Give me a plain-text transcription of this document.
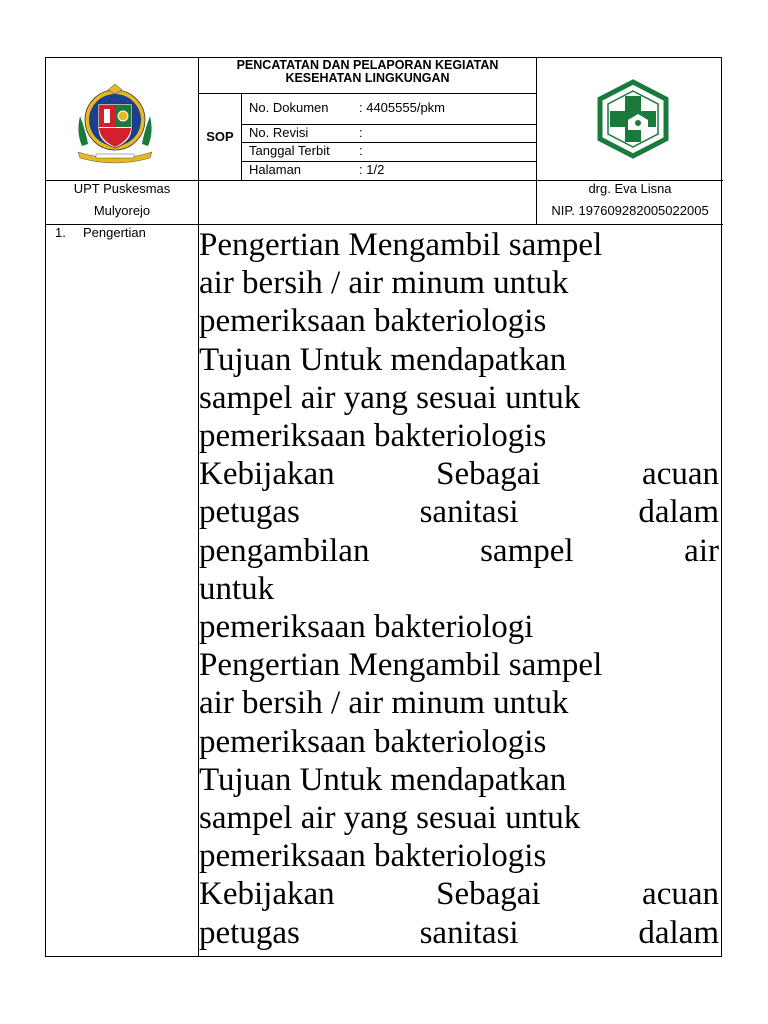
PENCATATAN DAN PELAPORAN KEGIATAN
KESEHATAN LINGKUNGAN
SOP
No. Dokumen : 4405555/pkm
No. Revisi	:
Tanggal Terbit :
Halaman	: 1/2
UPT Puskesmas
Mulyorejo
drg. Eva Lisna
NIP. 197609282005022005
1. Pengertian Pengertian Mengambil sampel

air bersih / air minum untuk

pemeriksaan bakteriologis

Tujuan Untuk mendapatkan

sampel air yang sesuai untuk

pemeriksaan bakteriologis

Kebijakan Sebagai acuan

petugas sanitasi dalam

pengambilan sampel air

untuk

pemeriksaan bakteriologi

Pengertian Mengambil sampel

air bersih / air minum untuk

pemeriksaan bakteriologis

Tujuan Untuk mendapatkan

sampel air yang sesuai untuk

pemeriksaan bakteriologis

Kebijakan Sebagai acuan

petugas sanitasi dalam
